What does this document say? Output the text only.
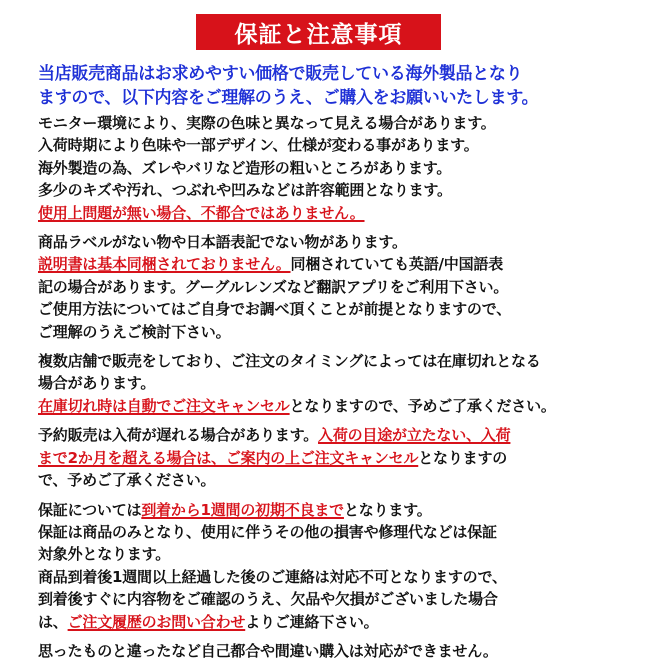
保証と注意事項
当店販売商品はお求めやすい価格で販売している海外製品となり
ますので、以下内容をご理解のうえ、ご購入をお願いいたします。
モニター環境により、実際の色味と異なって見える場合があります。
入荷時期により色味や一部デザイン、仕様が変わる事があります。
海外製造の為、ズレやバリなど造形の粗いところがあります。
多少のキズや汚れ、つぶれや凹みなどは許容範囲となります。
使用上問題が無い場合、不都合ではありません。
商品ラベルがない物や日本語表記でない物があります。
説明書は基本同梱されておりません。同梱されていても英語/中国語表
記の場合があります。グーグルレンズなど翻訳アプリをご利用下さい。
ご使用方法についてはご自身でお調べ頂くことが前提となりますので、
ご理解のうえご検討下さい。
複数店舗で販売をしており、ご注文のタイミングによっては在庫切れとなる
場合があります。
在庫切れ時は自動でご注文キャンセルとなりますので、予めご了承ください。
予約販売は入荷が遅れる場合があります。入荷の目途が立たない、入荷
まで2か月を超える場合は、ご案内の上ご注文キャンセルとなりますの
で、予めご了承ください。
保証については到着から1週間の初期不良までとなります。
保証は商品のみとなり、使用に伴うその他の損害や修理代などは保証
対象外となります。
商品到着後1週間以上経過した後のご連絡は対応不可となりますので、
到着後すぐに内容物をご確認のうえ、欠品や欠損がございました場合
は、ご注文履歴のお問い合わせよりご連絡下さい。
思ったものと違ったなど自己都合や間違い購入は対応ができません。
